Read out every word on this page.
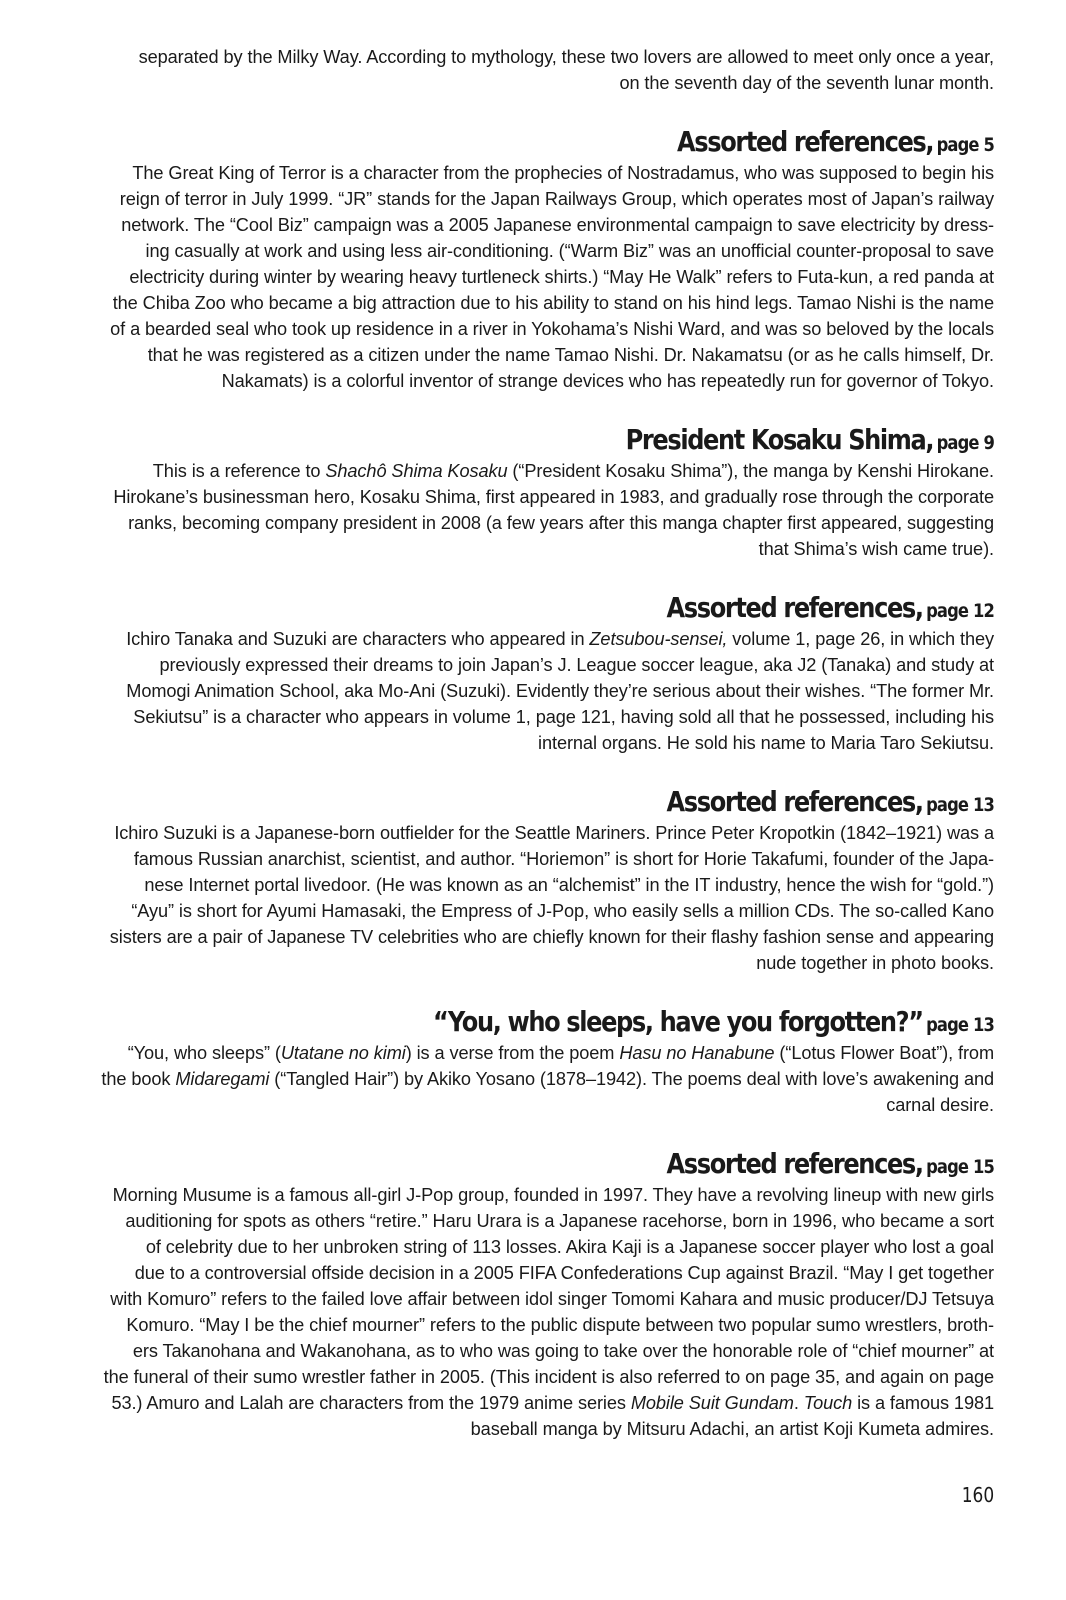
separated by the Milky Way. According to mythology, these two lovers are allowed to meet only once a year,
on the seventh day of the seventh lunar month.
Assorted references, page 5
The Great King of Terror is a character from the prophecies of Nostradamus, who was supposed to begin his
reign of terror in July 1999. “JR” stands for the Japan Railways Group, which operates most of Japan’s railway
network. The “Cool Biz” campaign was a 2005 Japanese environmental campaign to save electricity by dress-
ing casually at work and using less air-conditioning. (“Warm Biz” was an unofficial counter-proposal to save
electricity during winter by wearing heavy turtleneck shirts.) “May He Walk” refers to Futa-kun, a red panda at
the Chiba Zoo who became a big attraction due to his ability to stand on his hind legs. Tamao Nishi is the name
of a bearded seal who took up residence in a river in Yokohama’s Nishi Ward, and was so beloved by the locals
that he was registered as a citizen under the name Tamao Nishi. Dr. Nakamatsu (or as he calls himself, Dr.
Nakamats) is a colorful inventor of strange devices who has repeatedly run for governor of Tokyo.
President Kosaku Shima, page 9
This is a reference to Shachô Shima Kosaku (“President Kosaku Shima”), the manga by Kenshi Hirokane.
Hirokane’s businessman hero, Kosaku Shima, first appeared in 1983, and gradually rose through the corporate
ranks, becoming company president in 2008 (a few years after this manga chapter first appeared, suggesting
that Shima’s wish came true).
Assorted references, page 12
Ichiro Tanaka and Suzuki are characters who appeared in Zetsubou-sensei, volume 1, page 26, in which they
previously expressed their dreams to join Japan’s J. League soccer league, aka J2 (Tanaka) and study at
Momogi Animation School, aka Mo-Ani (Suzuki). Evidently they’re serious about their wishes. “The former Mr.
Sekiutsu” is a character who appears in volume 1, page 121, having sold all that he possessed, including his
internal organs. He sold his name to Maria Taro Sekiutsu.
Assorted references, page 13
Ichiro Suzuki is a Japanese-born outfielder for the Seattle Mariners. Prince Peter Kropotkin (1842–1921) was a
famous Russian anarchist, scientist, and author. “Horiemon” is short for Horie Takafumi, founder of the Japa-
nese Internet portal livedoor. (He was known as an “alchemist” in the IT industry, hence the wish for “gold.”)
“Ayu” is short for Ayumi Hamasaki, the Empress of J-Pop, who easily sells a million CDs. The so-called Kano
sisters are a pair of Japanese TV celebrities who are chiefly known for their flashy fashion sense and appearing
nude together in photo books.
“You, who sleeps, have you forgotten?” page 13
“You, who sleeps” (Utatane no kimi) is a verse from the poem Hasu no Hanabune (“Lotus Flower Boat”), from
the book Midaregami (“Tangled Hair”) by Akiko Yosano (1878–1942). The poems deal with love’s awakening and
carnal desire.
Assorted references, page 15
Morning Musume is a famous all-girl J-Pop group, founded in 1997. They have a revolving lineup with new girls
auditioning for spots as others “retire.” Haru Urara is a Japanese racehorse, born in 1996, who became a sort
of celebrity due to her unbroken string of 113 losses. Akira Kaji is a Japanese soccer player who lost a goal
due to a controversial offside decision in a 2005 FIFA Confederations Cup against Brazil. “May I get together
with Komuro” refers to the failed love affair between idol singer Tomomi Kahara and music producer/DJ Tetsuya
Komuro. “May I be the chief mourner” refers to the public dispute between two popular sumo wrestlers, broth-
ers Takanohana and Wakanohana, as to who was going to take over the honorable role of “chief mourner” at
the funeral of their sumo wrestler father in 2005. (This incident is also referred to on page 35, and again on page
53.) Amuro and Lalah are characters from the 1979 anime series Mobile Suit Gundam. Touch is a famous 1981
baseball manga by Mitsuru Adachi, an artist Koji Kumeta admires.
160
